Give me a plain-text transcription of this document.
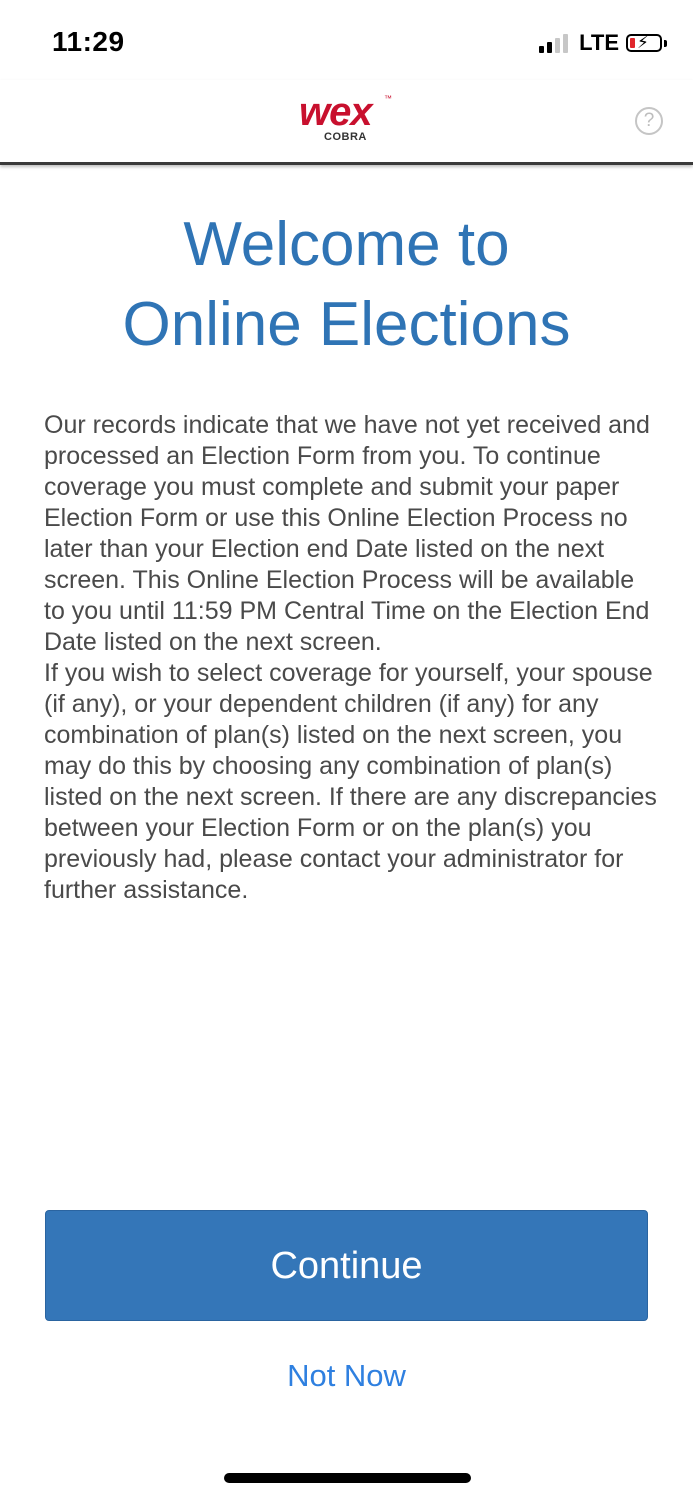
11:29	LTE ⚡
wex ™
COBRA
?
Welcome to
Online Elections

Our records indicate that we have not yet received and processed an Election Form from you. To continue coverage you must complete and submit your paper Election Form or use this Online Election Process no later than your Election end Date listed on the next screen. This Online Election Process will be available to you until 11:59 PM Central Time on the Election End Date listed on the next screen.

If you wish to select coverage for yourself, your spouse (if any), or your dependent children (if any) for any combination of plan(s) listed on the next screen, you may do this by choosing any combination of plan(s) listed on the next screen. If there are any discrepancies between your Election Form or on the plan(s) you previously had, please contact your administrator for further assistance.

Continue
Not Now
